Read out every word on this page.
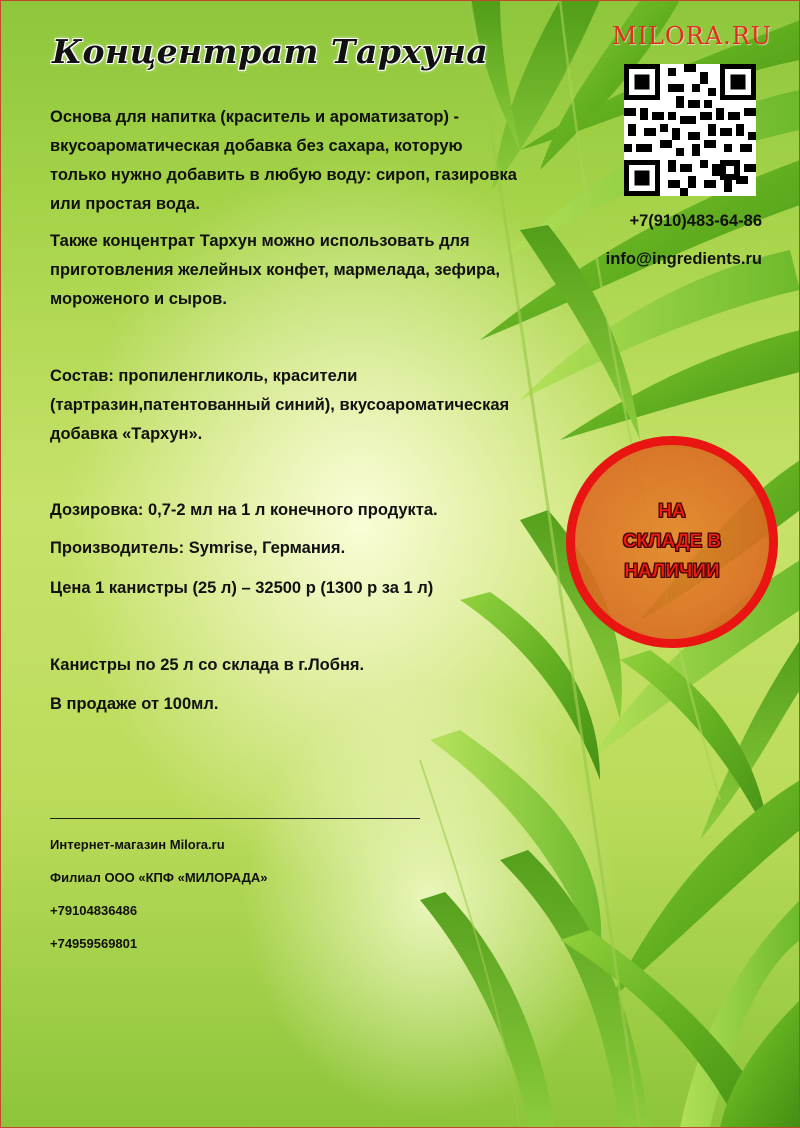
Концентрат Тархуна

Основа для напитка (краситель и ароматизатор) - вкусоароматическая добавка без сахара, которую только нужно добавить в любую воду: сироп, газировка или простая вода.

Также концентрат Тархун можно использовать для приготовления желейных конфет, мармелада, зефира, мороженого и сыров.

Состав: пропиленгликоль, красители (тартразин,патентованный синий), вкусоароматическая добавка «Тархун».

Дозировка: 0,7-2 мл на 1 л конечного продукта.

Производитель: Symrise, Германия.

Цена 1 канистры (25 л) – 32500 р (1300 р за 1 л)

Канистры по 25 л со склада в г.Лобня.

В продаже от 100мл.

MILORA.RU

+7(910)483-64-86

info@ingredients.ru

НА
СКЛАДЕ В
НАЛИЧИИ

Интернет-магазин Milora.ru

Филиал ООО «КПФ «МИЛОРАДА»

+79104836486

+74959569801
